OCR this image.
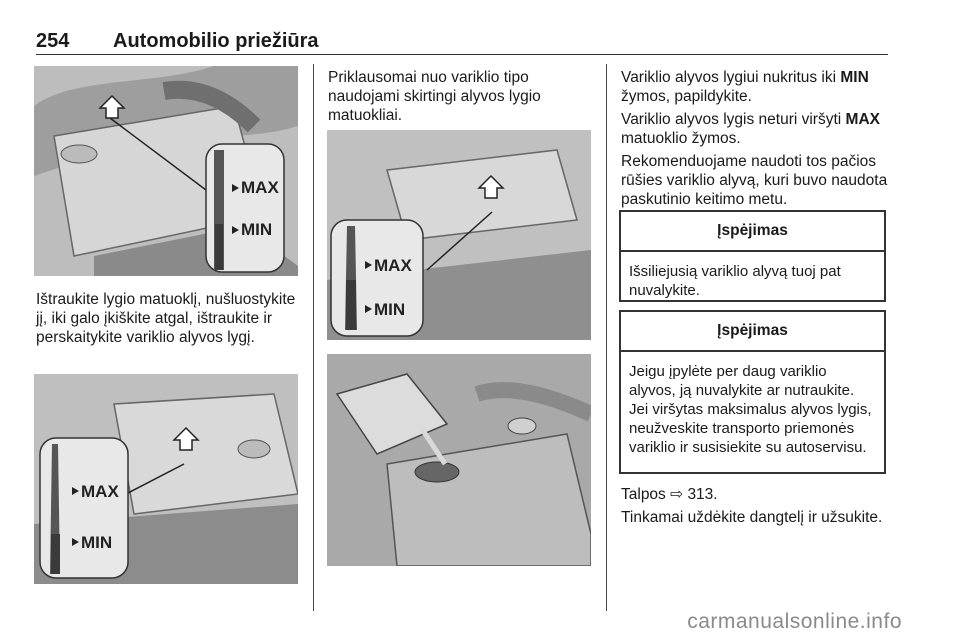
254 Automobilio priežiūra
MAX
MIN
Ištraukite lygio matuoklį, nušluostykite jį, iki galo įkiškite atgal, ištraukite ir perskaitykite variklio alyvos lygį.
MAX
MIN
Priklausomai nuo variklio tipo naudojami skirtingi alyvos lygio matuokliai.
MAX
MIN
Variklio alyvos lygiui nukritus iki MIN žymos, papildykite.
Variklio alyvos lygis neturi viršyti MAX matuoklio žymos.
Rekomenduojame naudoti tos pačios rūšies variklio alyvą, kuri buvo naudota paskutinio keitimo metu.
Įspėjimas
Išsiliejusią variklio alyvą tuoj pat nuvalykite.
Įspėjimas
Jeigu įpylėte per daug variklio alyvos, ją nuvalykite ar nutraukite. Jei viršytas maksimalus alyvos lygis, neužveskite transporto priemonės variklio ir susisiekite su autoservisu.
Talpos ⇨ 313.
Tinkamai uždėkite dangtelį ir užsukite.
carmanualsonline.info
